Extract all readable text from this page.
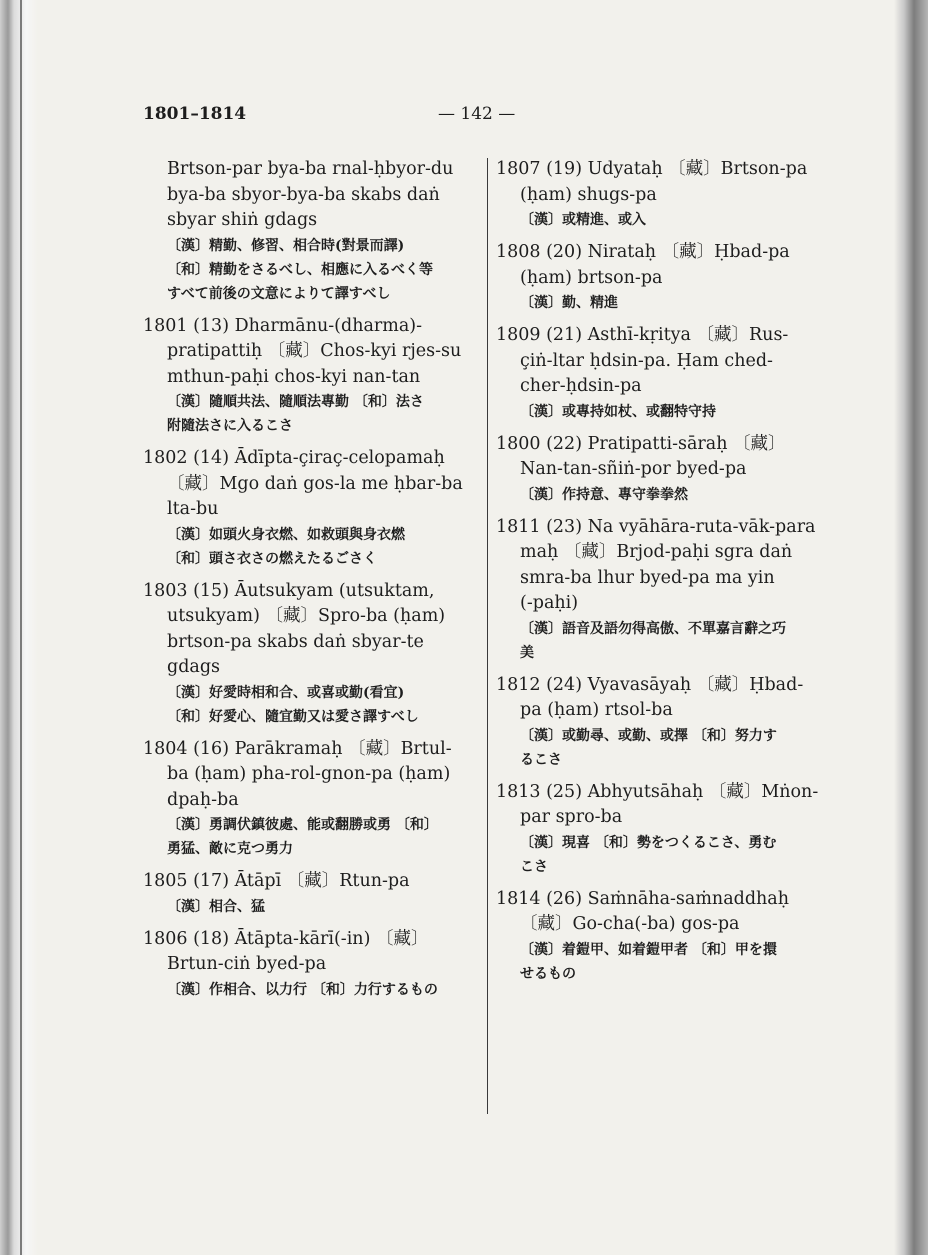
1801–1814	— 142 —
Brtson-par bya-ba rnal-ḥbyor-du
bya-ba sbyor-bya-ba skabs daṅ
sbyar shiṅ gdags
〔漢〕精勤、修習、相合時(對景而譯)
〔和〕精勤をさるべし、相應に入るべく等
すべて前後の文意によりて譯すべし
1801 (13) Dharmānu-(dharma)-
pratipattiḥ 〔藏〕Chos-kyi rjes-su
mthun-paḥi chos-kyi nan-tan
〔漢〕隨順共法、隨順法專勤 〔和〕法さ
附隨法さに入るこさ
1802 (14) Ādīpta-çiraç-celopamaḥ
〔藏〕Mgo daṅ gos-la me ḥbar-ba
lta-bu
〔漢〕如頭火身衣燃、如救頭與身衣燃
〔和〕頭さ衣さの燃えたるごさく
1803 (15) Āutsukyam (utsuktam,
utsukyam) 〔藏〕Spro-ba (ḥam)
brtson-pa skabs daṅ sbyar-te
gdags
〔漢〕好愛時相和合、或喜或勤(看宜)
〔和〕好愛心、隨宜勤又は愛さ譯すべし
1804 (16) Parākramaḥ 〔藏〕Brtul-
ba (ḥam) pha-rol-gnon-pa (ḥam)
dpaḥ-ba
〔漢〕勇調伏鎮彼處、能或翻勝或勇 〔和〕
勇猛、敵に克つ勇力
1805 (17) Ātāpī 〔藏〕Rtun-pa
〔漢〕相合、猛
1806 (18) Ātāpta-kārī(-in) 〔藏〕
Brtun-ciṅ byed-pa
〔漢〕作相合、以力行 〔和〕力行するもの
1807 (19) Udyataḥ 〔藏〕Brtson-pa
(ḥam) shugs-pa
〔漢〕或精進、或入
1808 (20) Nirataḥ 〔藏〕Ḥbad-pa
(ḥam) brtson-pa
〔漢〕勤、精進
1809 (21) Asthī-kṛitya 〔藏〕Rus-
çiṅ-ltar ḥdsin-pa. Ḥam ched-
cher-ḥdsin-pa
〔漢〕或專持如杖、或翻特守持
1800 (22) Pratipatti-sāraḥ 〔藏〕
Nan-tan-sñiṅ-por byed-pa
〔漢〕作持意、專守拳拳然
1811 (23) Na vyāhāra-ruta-vāk-para
maḥ 〔藏〕Brjod-paḥi sgra daṅ
smra-ba lhur byed-pa ma yin
(-paḥi)
〔漢〕語音及語勿得高傲、不單嘉言辭之巧
美
1812 (24) Vyavasāyaḥ 〔藏〕Ḥbad-
pa (ḥam) rtsol-ba
〔漢〕或勤尋、或勤、或擇 〔和〕努力す
るこさ
1813 (25) Abhyutsāhaḥ 〔藏〕Mṅon-
par spro-ba
〔漢〕現喜 〔和〕勢をつくるこさ、勇む
こさ
1814 (26) Saṁnāha-saṁnaddhaḥ
〔藏〕Go-cha(-ba) gos-pa
〔漢〕着鎧甲、如着鎧甲者 〔和〕甲を擐
せるもの
